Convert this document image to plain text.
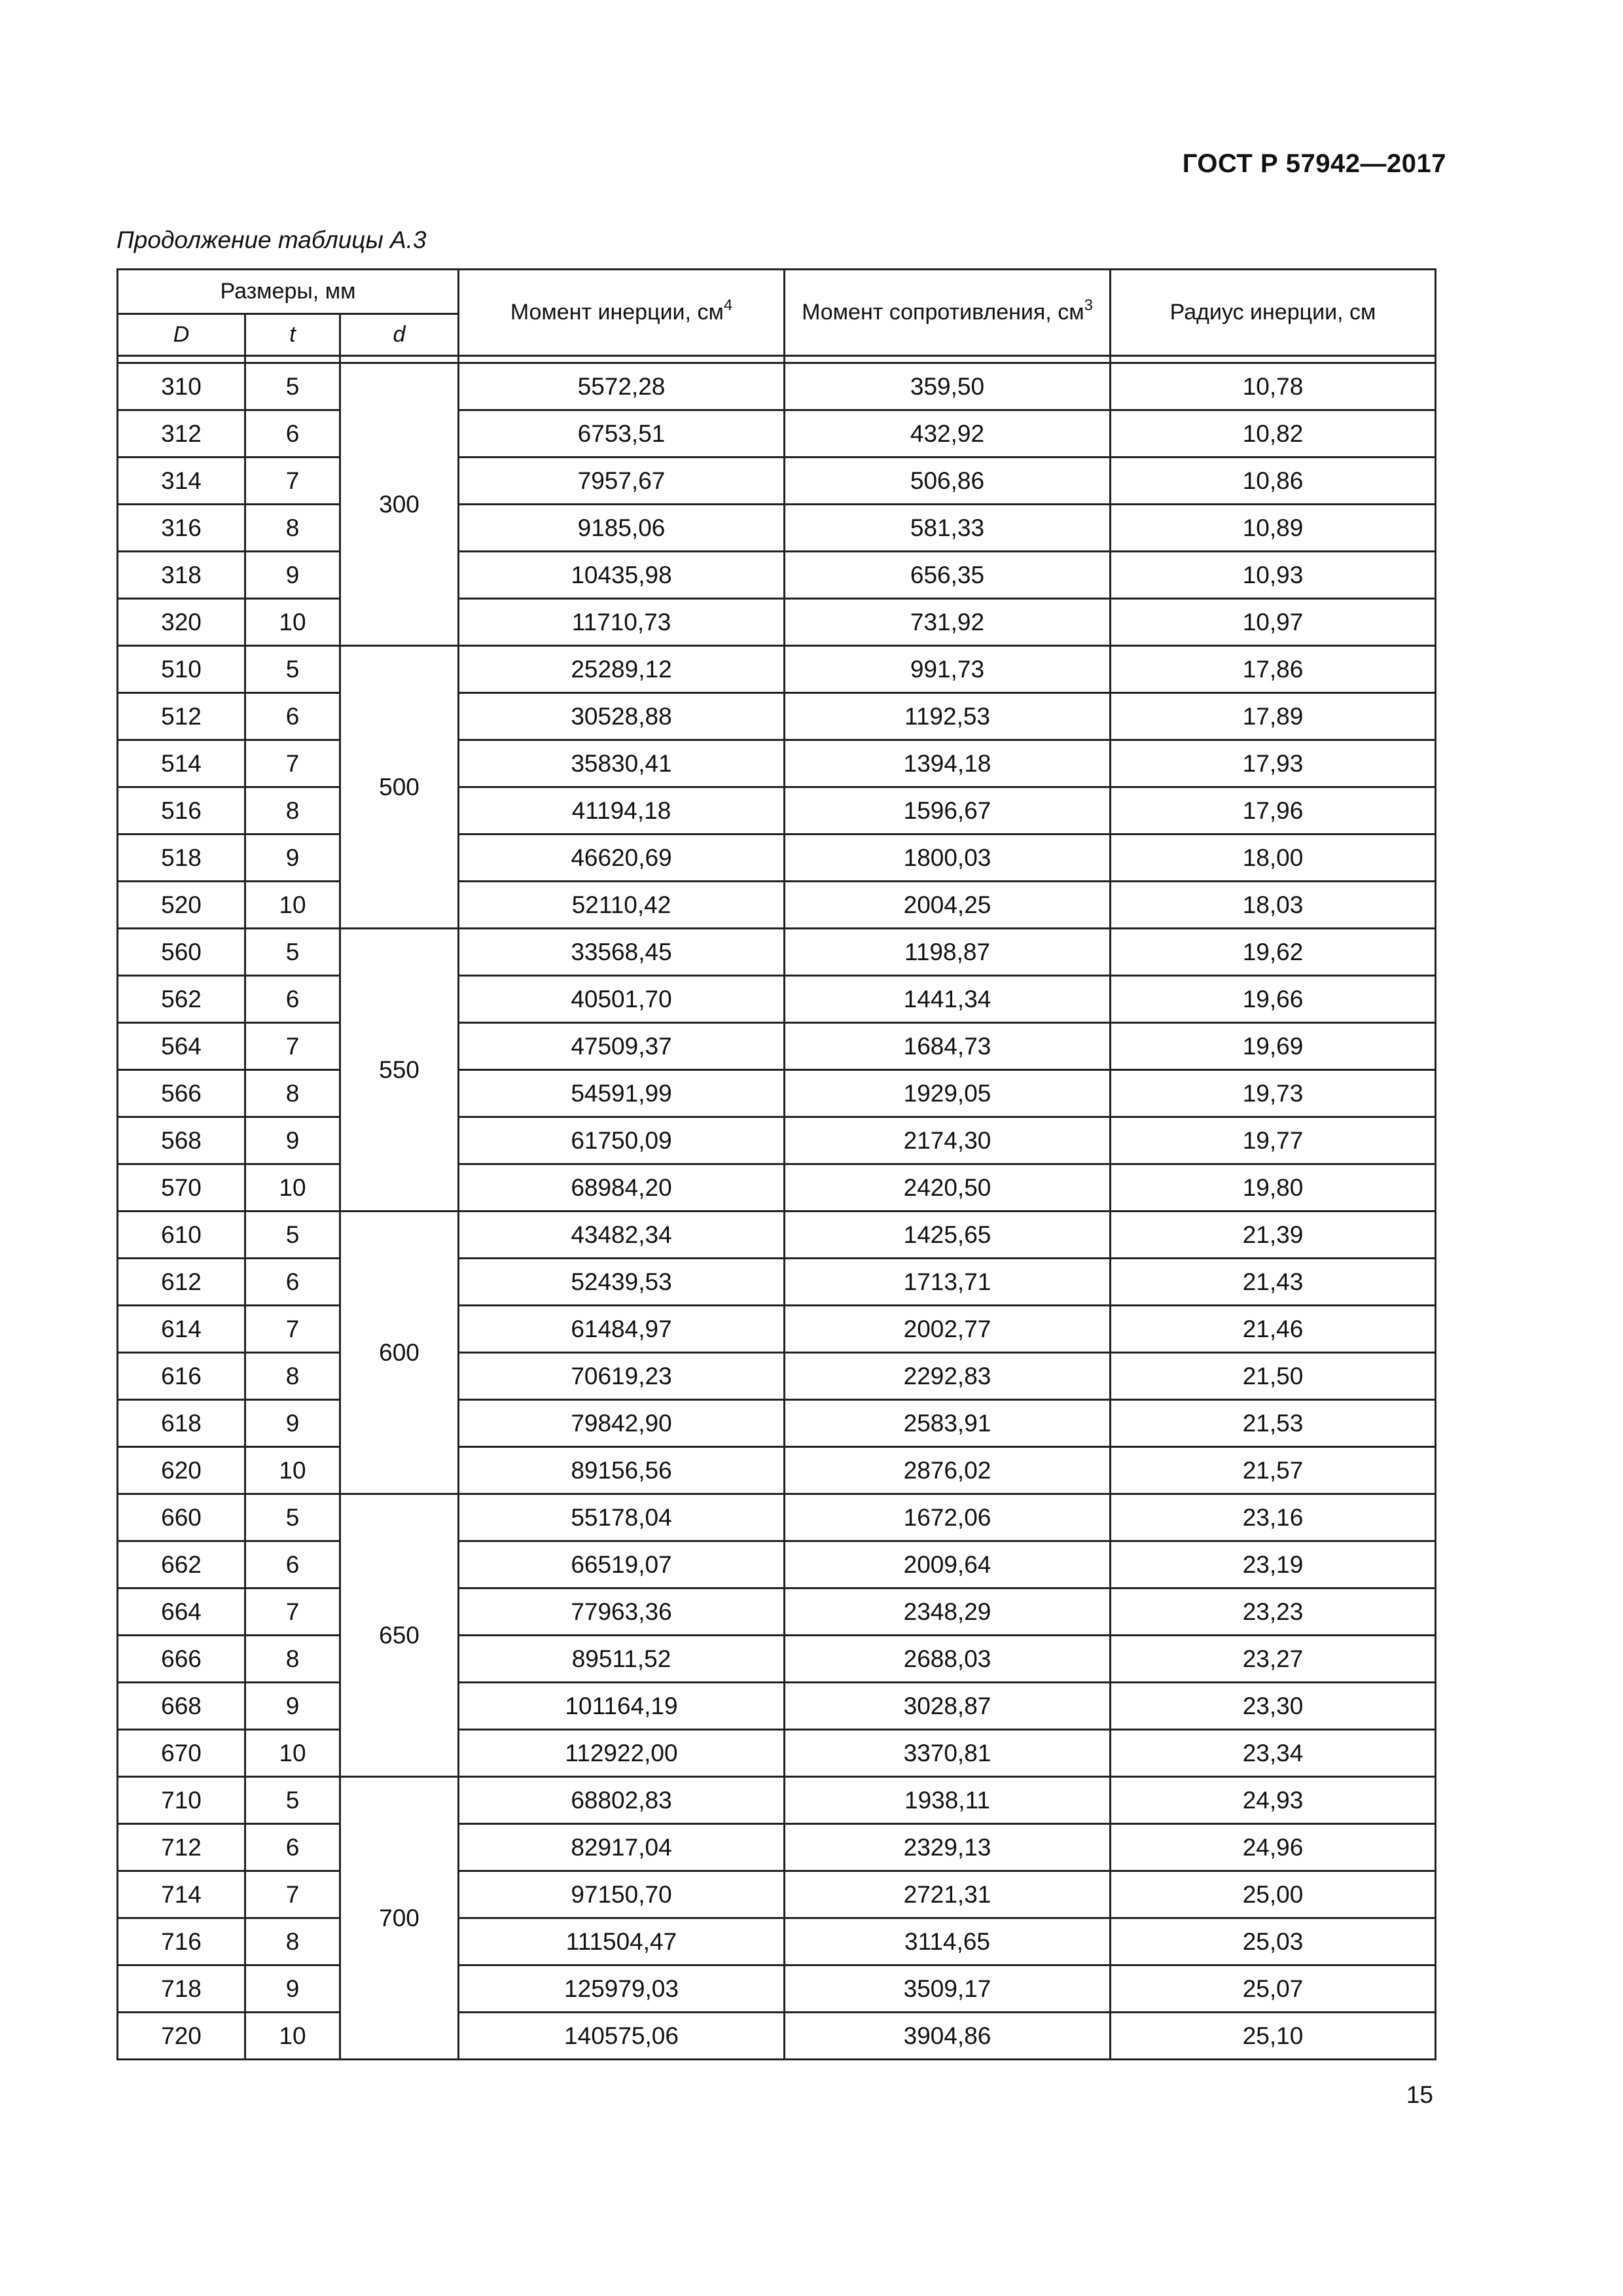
ГОСТ Р 57942—2017
Продолжение таблицы А.3
Размеры, мм			Момент инерции, $см^4$	Момент сопротивления, $см^3$	Радиус инерции, см
D	t	d			

310	5	300	5572,28	359,50	10,78
312	6		6753,51	432,92	10,82
314	7		7957,67	506,86	10,86
316	8		9185,06	581,33	10,89
318	9		10435,98	656,35	10,93
320	10		11710,73	731,92	10,97
510	5	500	25289,12	991,73	17,86
512	6		30528,88	1192,53	17,89
514	7		35830,41	1394,18	17,93
516	8		41194,18	1596,67	17,96
518	9		46620,69	1800,03	18,00
520	10		52110,42	2004,25	18,03
560	5	550	33568,45	1198,87	19,62
562	6		40501,70	1441,34	19,66
564	7		47509,37	1684,73	19,69
566	8		54591,99	1929,05	19,73
568	9		61750,09	2174,30	19,77
570	10		68984,20	2420,50	19,80
610	5	600	43482,34	1425,65	21,39
612	6		52439,53	1713,71	21,43
614	7		61484,97	2002,77	21,46
616	8		70619,23	2292,83	21,50
618	9		79842,90	2583,91	21,53
620	10		89156,56	2876,02	21,57
660	5	650	55178,04	1672,06	23,16
662	6		66519,07	2009,64	23,19
664	7		77963,36	2348,29	23,23
666	8		89511,52	2688,03	23,27
668	9		101164,19	3028,87	23,30
670	10		112922,00	3370,81	23,34
710	5	700	68802,83	1938,11	24,93
712	6		82917,04	2329,13	24,96
714	7		97150,70	2721,31	25,00
716	8		111504,47	3114,65	25,03
718	9		125979,03	3509,17	25,07
720	10		140575,06	3904,86	25,10
15
